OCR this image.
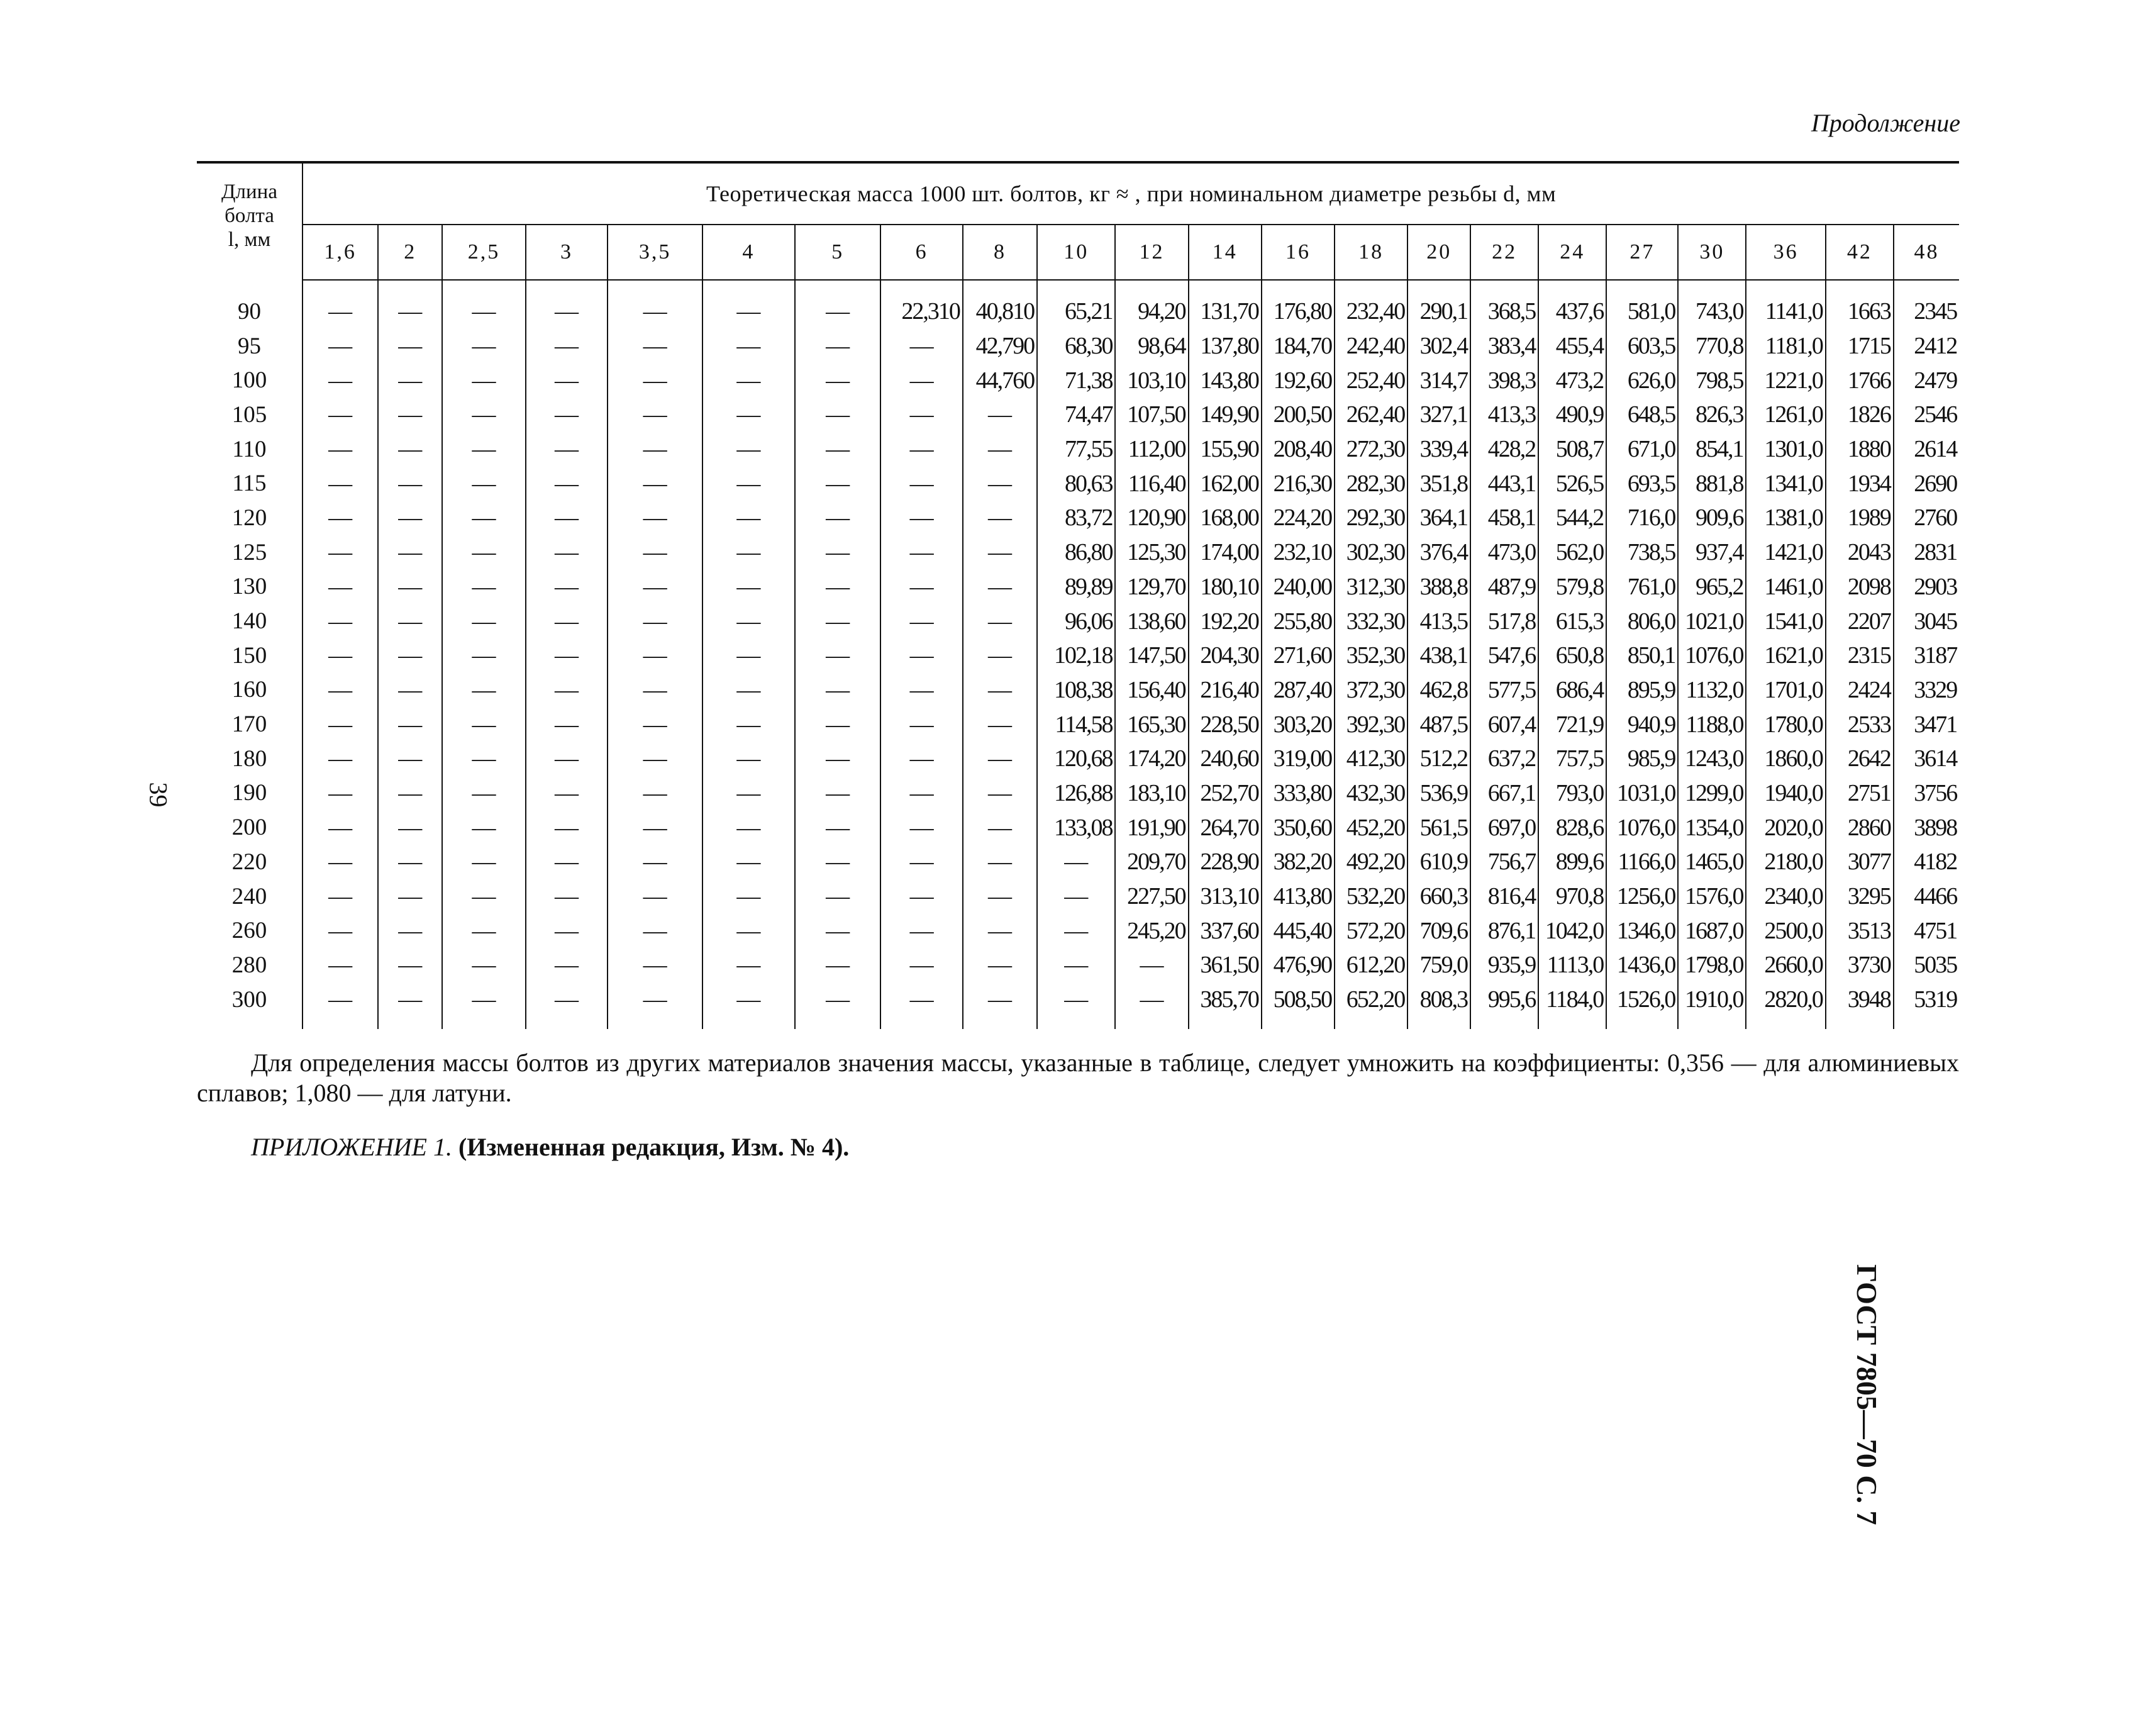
Продолжение
Длина
болта
l, мм	Теоретическая масса 1000 шт. болтов, кг ≈ , при номинальном диаметре резьбы d, мм																					
	1,6	2	2,5	3	3,5	4	5	6	8	10	12	14	16	18	20	22	24	27	30	36	42	48

90	—	—	—	—	—	—	—	22,310	40,810	65,21	94,20	131,70	176,80	232,40	290,1	368,5	437,6	581,0	743,0	1141,0	1663	2345
95	—	—	—	—	—	—	—	—	42,790	68,30	98,64	137,80	184,70	242,40	302,4	383,4	455,4	603,5	770,8	1181,0	1715	2412
100	—	—	—	—	—	—	—	—	44,760	71,38	103,10	143,80	192,60	252,40	314,7	398,3	473,2	626,0	798,5	1221,0	1766	2479
105	—	—	—	—	—	—	—	—	—	74,47	107,50	149,90	200,50	262,40	327,1	413,3	490,9	648,5	826,3	1261,0	1826	2546
110	—	—	—	—	—	—	—	—	—	77,55	112,00	155,90	208,40	272,30	339,4	428,2	508,7	671,0	854,1	1301,0	1880	2614
115	—	—	—	—	—	—	—	—	—	80,63	116,40	162,00	216,30	282,30	351,8	443,1	526,5	693,5	881,8	1341,0	1934	2690
120	—	—	—	—	—	—	—	—	—	83,72	120,90	168,00	224,20	292,30	364,1	458,1	544,2	716,0	909,6	1381,0	1989	2760
125	—	—	—	—	—	—	—	—	—	86,80	125,30	174,00	232,10	302,30	376,4	473,0	562,0	738,5	937,4	1421,0	2043	2831
130	—	—	—	—	—	—	—	—	—	89,89	129,70	180,10	240,00	312,30	388,8	487,9	579,8	761,0	965,2	1461,0	2098	2903
140	—	—	—	—	—	—	—	—	—	96,06	138,60	192,20	255,80	332,30	413,5	517,8	615,3	806,0	1021,0	1541,0	2207	3045
150	—	—	—	—	—	—	—	—	—	102,18	147,50	204,30	271,60	352,30	438,1	547,6	650,8	850,1	1076,0	1621,0	2315	3187
160	—	—	—	—	—	—	—	—	—	108,38	156,40	216,40	287,40	372,30	462,8	577,5	686,4	895,9	1132,0	1701,0	2424	3329
170	—	—	—	—	—	—	—	—	—	114,58	165,30	228,50	303,20	392,30	487,5	607,4	721,9	940,9	1188,0	1780,0	2533	3471
180	—	—	—	—	—	—	—	—	—	120,68	174,20	240,60	319,00	412,30	512,2	637,2	757,5	985,9	1243,0	1860,0	2642	3614
190	—	—	—	—	—	—	—	—	—	126,88	183,10	252,70	333,80	432,30	536,9	667,1	793,0	1031,0	1299,0	1940,0	2751	3756
200	—	—	—	—	—	—	—	—	—	133,08	191,90	264,70	350,60	452,20	561,5	697,0	828,6	1076,0	1354,0	2020,0	2860	3898
220	—	—	—	—	—	—	—	—	—	—	209,70	228,90	382,20	492,20	610,9	756,7	899,6	1166,0	1465,0	2180,0	3077	4182
240	—	—	—	—	—	—	—	—	—	—	227,50	313,10	413,80	532,20	660,3	816,4	970,8	1256,0	1576,0	2340,0	3295	4466
260	—	—	—	—	—	—	—	—	—	—	245,20	337,60	445,40	572,20	709,6	876,1	1042,0	1346,0	1687,0	2500,0	3513	4751
280	—	—	—	—	—	—	—	—	—	—	—	361,50	476,90	612,20	759,0	935,9	1113,0	1436,0	1798,0	2660,0	3730	5035
300	—	—	—	—	—	—	—	—	—	—	—	385,70	508,50	652,20	808,3	995,6	1184,0	1526,0	1910,0	2820,0	3948	5319

Для определения массы болтов из других материалов значения массы, указанные в таблице, следует умножить на коэффициенты: 0,356 — для алюминиевых сплавов; 1,080 — для латуни.
ПРИЛОЖЕНИЕ 1. (Измененная редакция, Изм. № 4).
39
ГОСТ 7805—70 С. 7
